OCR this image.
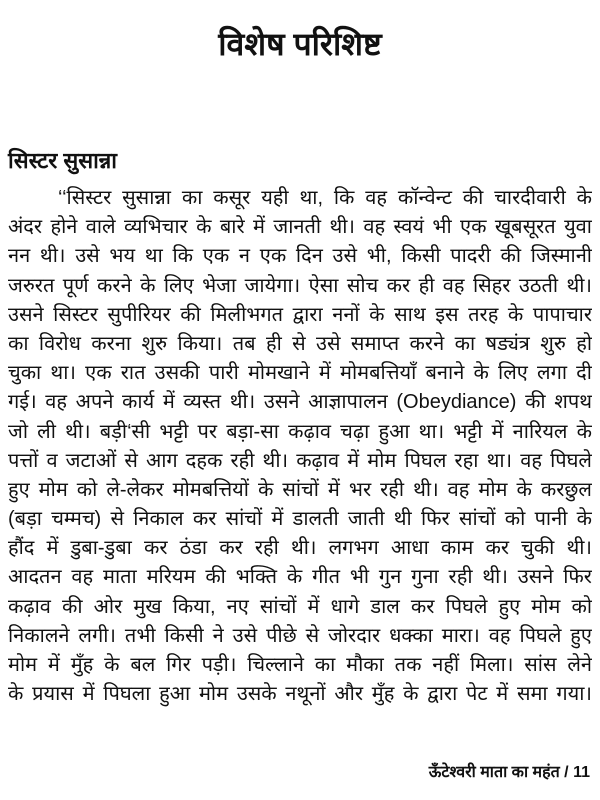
विशेष परिशिष्ट
सिस्टर सुसान्ना
‘‘सिस्टर सुसान्ना का कसूर यही था, कि वह कॉन्वेन्ट की चारदीवारी के
अंदर होने वाले व्यभिचार के बारे में जानती थी। वह स्वयं भी एक खूबसूरत युवा
नन थी। उसे भय था कि एक न एक दिन उसे भी, किसी पादरी की जिस्मानी
जरुरत पूर्ण करने के लिए भेजा जायेगा। ऐसा सोच कर ही वह सिहर उठती थी।
उसने सिस्टर सुपीरियर की मिलीभगत द्वारा ननों के साथ इस तरह के पापाचार
का विरोध करना शुरु किया। तब ही से उसे समाप्त करने का षड्यंत्र शुरु हो
चुका था। एक रात उसकी पारी मोमखाने में मोमबत्तियाँ बनाने के लिए लगा दी
गई। वह अपने कार्य में व्यस्त थी। उसने आज्ञापालन (Obeydiance) की शपथ
जो ली थी। बड़ी‘सी भट्टी पर बड़ा-सा कढ़ाव चढ़ा हुआ था। भट्टी में नारियल के
पत्तों व जटाओं से आग दहक रही थी। कढ़ाव में मोम पिघल रहा था। वह पिघले
हुए मोम को ले-लेकर मोमबत्तियों के सांचों में भर रही थी। वह मोम के करछुल
(बड़ा चम्मच) से निकाल कर सांचों में डालती जाती थी फिर सांचों को पानी के
हौंद में डुबा-डुबा कर ठंडा कर रही थी। लगभग आधा काम कर चुकी थी।
आदतन वह माता मरियम की भक्ति के गीत भी गुन गुना रही थी। उसने फिर
कढ़ाव की ओर मुख किया, नए सांचों में धागे डाल कर पिघले हुए मोम को
निकालने लगी। तभी किसी ने उसे पीछे से जोरदार धक्का मारा। वह पिघले हुए
मोम में मुँह के बल गिर पड़ी। चिल्लाने का मौका तक नहीं मिला। सांस लेने
के प्रयास में पिघला हुआ मोम उसके नथूनों और मुँह के द्वारा पेट में समा गया।
ऊँटेश्वरी माता का महंत / 11
